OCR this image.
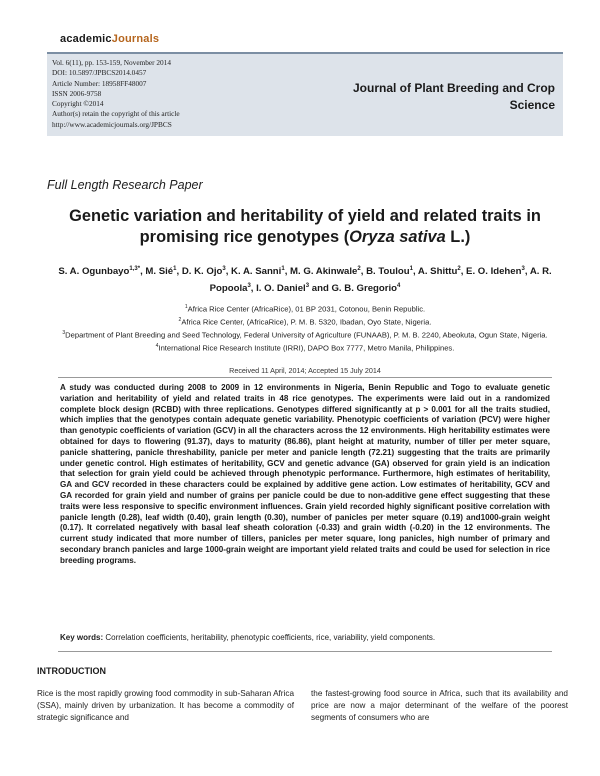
academicJournals
Vol. 6(11), pp. 153-159, November 2014
DOI: 10.5897/JPBCS2014.0457
Article Number: 18958FF48007
ISSN 2006-9758
Copyright ©2014
Author(s) retain the copyright of this article
http://www.academicjournals.org/JPBCS
Journal of Plant Breeding and Crop Science
Full Length Research Paper
Genetic variation and heritability of yield and related traits in promising rice genotypes (Oryza sativa L.)
S. A. Ogunbayo$^{1,3*}$, M. Sié$^1$, D. K. Ojo$^3$, K. A. Sanni$^1$, M. G. Akinwale$^2$, B. Toulou$^1$, A. Shittu$^2$, E. O. Idehen$^3$, A. R. Popoola$^3$, I. O. Daniel$^3$ and G. B. Gregorio$^4$
$^1$Africa Rice Center (AfricaRice), 01 BP 2031, Cotonou, Benin Republic.
$^2$Africa Rice Center, (AfricaRice), P. M. B. 5320, Ibadan, Oyo State, Nigeria.
$^3$Department of Plant Breeding and Seed Technology, Federal University of Agriculture (FUNAAB), P. M. B. 2240, Abeokuta, Ogun State, Nigeria.
$^4$International Rice Research Institute (IRRI), DAPO Box 7777, Metro Manila, Philippines.
Received 11 April, 2014; Accepted 15 July 2014
A study was conducted during 2008 to 2009 in 12 environments in Nigeria, Benin Republic and Togo to evaluate genetic variation and heritability of yield and related traits in 48 rice genotypes. The experiments were laid out in a randomized complete block design (RCBD) with three replications. Genotypes differed significantly at p > 0.001 for all the traits studied, which implies that the genotypes contain adequate genetic variability. Phenotypic coefficients of variation (PCV) were higher than genotypic coefficients of variation (GCV) in all the characters across the 12 environments. High heritability estimates were obtained for days to flowering (91.37), days to maturity (86.86), plant height at maturity, number of tiller per meter square, panicle shattering, panicle threshability, panicle per meter and panicle length (72.21) suggesting that the traits are primarily under genetic control. High estimates of heritability, GCV and genetic advance (GA) observed for grain yield is an indication that selection for grain yield could be achieved through phenotypic performance. Furthermore, high estimates of heritability, GA and GCV recorded in these characters could be explained by additive gene action. Low estimates of heritability, GCV and GA recorded for grain yield and number of grains per panicle could be due to non-additive gene effect suggesting that these traits were less responsive to specific environment influences. Grain yield recorded highly significant positive correlation with panicle length (0.28), leaf width (0.40), grain length (0.30), number of panicles per meter square (0.19) and1000-grain weight (0.17). It correlated negatively with basal leaf sheath coloration (-0.33) and grain width (-0.20) in the 12 environments. The current study indicated that more number of tillers, panicles per meter square, long panicles, high number of primary and secondary branch panicles and large 1000-grain weight are important yield related traits and could be used for selection in rice breeding programs.
Key words: Correlation coefficients, heritability, phenotypic coefficients, rice, variability, yield components.
INTRODUCTION
Rice is the most rapidly growing food commodity in sub-Saharan Africa (SSA), mainly driven by urbanization. It has become a commodity of strategic significance and
the fastest-growing food source in Africa, such that its availability and price are now a major determinant of the welfare of the poorest segments of consumers who are
